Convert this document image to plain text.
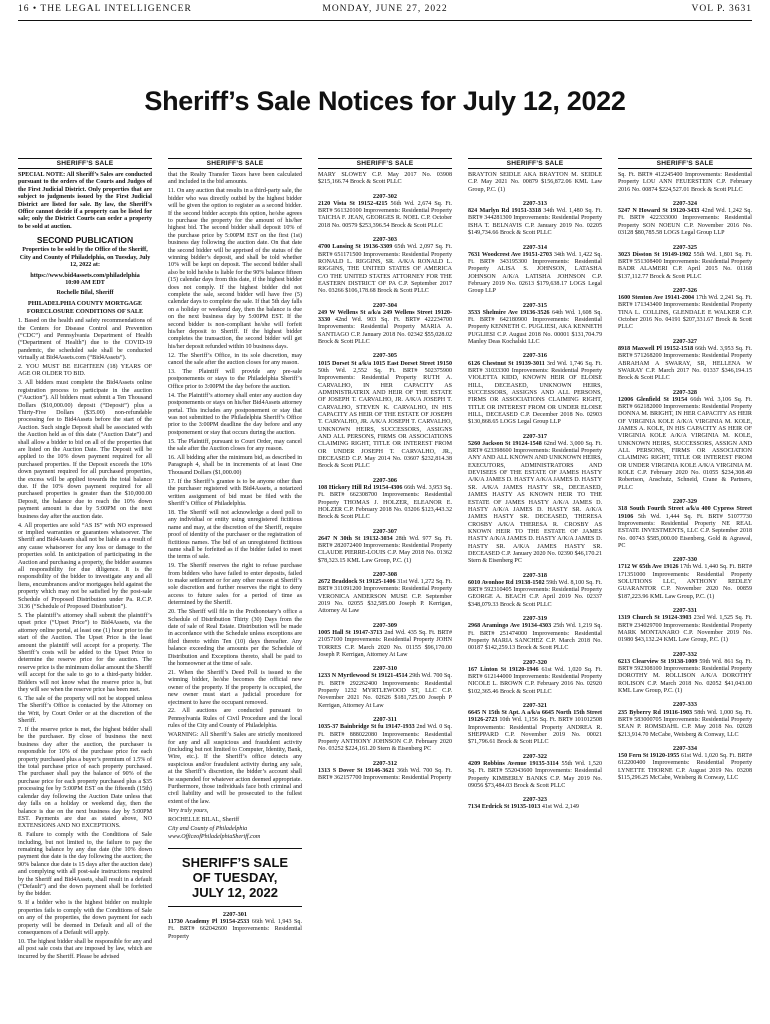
16 • THE LEGAL INTELLIGENCER	MONDAY, JUNE 27, 2022	VOL P. 3631
Sheriff’s Sale Notices for July 12, 2022
SHERIFF’S SALE

SPECIAL NOTE: All Sheriff’s Sales are conducted pursuant to the orders of the Courts and Judges of the First Judicial District. Only properties that are subject to judgments issued by the First Judicial District are listed for sale. By law, the Sheriff’s Office cannot decide if a property can be listed for sale; only the District Courts can order a property to be sold at auction.

SECOND PUBLICATION

Properties to be sold by the Office of the Sheriff, City and County of Philadelphia, on Tuesday, July 12, 2022 at:

https://www.bid4assets.com/philadelphia
10:00 AM EDT
Rochelle Bilal, Sheriff
PHILADELPHIA COUNTY MORTGAGE FORECLOSURE CONDITIONS OF SALE

1. Based on the health and safety recommendations of the Centers for Disease Control and Prevention (“CDC”) and Pennsylvania Department of Health (“Department of Health”) due to the COVID-19 pandemic, the scheduled sale shall be conducted virtually at Bid4Assets.com (“Bid4Assets”).

2. YOU MUST BE EIGHTEEN (18) YEARS OF AGE OR OLDER TO BID.

3. All bidders must complete the Bid4Assets online registration process to participate in the auction (“Auction”). All bidders must submit a Ten Thousand Dollars ($10,000.00) deposit (“Deposit”) plus a Thirty-Five Dollars ($35.00) non-refundable processing fee to Bid4Assets before the start of the Auction. Such single Deposit shall be associated with the Auction held as of this date (“Auction Date”) and shall allow a bidder to bid on all of the properties that are listed on the Auction Date. The Deposit will be applied to the 10% down payment required for all purchased properties. If the Deposit exceeds the 10% down payment required for all purchased properties, the excess will be applied towards the total balance due. If the 10% down payment required for all purchased properties is greater than the $10,000.00 Deposit, the balance due to reach the 10% down payment amount is due by 5:00PM on the next business day after the auction date.

4. All properties are sold “AS IS” with NO expressed or implied warranties or guarantees whatsoever. The Sheriff and Bid4Assets shall not be liable as a result of any cause whatsoever for any loss or damage to the properties sold. In anticipation of participating in the Auction and purchasing a property, the bidder assumes all responsibility for due diligence. It is the responsibility of the bidder to investigate any and all liens, encumbrances and/or mortgages held against the property which may not be satisfied by the post-sale Schedule of Proposed Distribution under Pa. R.C.P. 3136 (“Schedule of Proposed Distribution”).

5. The plaintiff’s attorney shall submit the plaintiff’s upset price (“Upset Price”) to Bid4Assets, via the attorney online portal, at least one (1) hour prior to the start of the Auction. The Upset Price is the least amount the plaintiff will accept for a property. The Sheriff’s costs will be added to the Upset Price to determine the reserve price for the auction. The reserve price is the minimum dollar amount the Sheriff will accept for the sale to go to a third-party bidder. Bidders will not know what the reserve price is, but they will see when the reserve price has been met.

6. The sale of the property will not be stopped unless The Sheriff’s Office is contacted by the Attorney on the Writ, by Court Order or at the discretion of the Sheriff.

7. If the reserve price is met, the highest bidder shall be the purchaser. By close of business the next business day after the auction, the purchaser is responsible for 10% of the purchase price for each property purchased plus a buyer’s premium of 1.5% of the total purchase price of each property purchased. The purchaser shall pay the balance of 90% of the purchase price for each property purchased plus a $35 processing fee by 5:00PM EST on the fifteenth (15th) calendar day following the Auction Date unless that day falls on a holiday or weekend day, then the balance is due on the next business day by 5:00PM EST. Payments are due as stated above, NO EXTENSIONS AND NO EXCEPTIONS.

8. Failure to comply with the Conditions of Sale including, but not limited to, the failure to pay the remaining balance by any due date (the 10% down payment due date is the day following the auction; the 90% balance due date is 15 days after the auction date) and complying with all post-sale instructions required by the Sheriff and Bid4Assets, shall result in a default (“Default”) and the down payment shall be forfeited by the bidder.

9. If a bidder who is the highest bidder on multiple properties fails to comply with the Conditions of Sale on any of the properties, the down payment for each property will be deemed in Default and all of the consequences of a Default will apply.

10. The highest bidder shall be responsible for any and all post sale costs that are imposed by law, which are incurred by the Sheriff. Please be advised

SHERIFF’S SALE

that the Realty Transfer Taxes have been calculated and included in the bid amounts.

11. On any auction that results in a third-party sale, the bidder who was directly outbid by the highest bidder will be given the option to register as a second bidder. If the second bidder accepts this option, he/she agrees to purchase the property for the amount of his/her highest bid. The second bidder shall deposit 10% of the purchase price by 5:00PM EST on the first (1st) business day following the auction date. On that date the second bidder will be apprised of the status of the winning bidder’s deposit, and shall be told whether 10% will be kept on deposit. The second bidder shall also be told he/she is liable for the 90% balance fifteen (15) calendar days from this date, if the highest bidder does not comply. If the highest bidder did not complete the sale, second bidder will have five (5) calendar days to complete the sale. If that 5th day falls on a holiday or weekend day, then the balance is due on the next business day by 5:00PM EST. If the second bidder is non-compliant he/she will forfeit his/her deposit to Sheriff. If the highest bidder completes the transaction, the second bidder will get his/her deposit refunded within 10 business days.

12. The Sheriff’s Office, in its sole discretion, may cancel the sale after the auction closes for any reason.

13. The Plaintiff will provide any pre-sale postponements or stays to the Philadelphia Sheriff’s Office prior to 3:00PM the day before the auction.

14. The Plaintiff’s attorney shall enter any auction day postponements or stays on his/her Bid4Assets attorney portal. This includes any postponement or stay that was not submitted to the Philadelphia Sheriff’s Office prior to the 3:00PM deadline the day before and any postponement or stay that occurs during the auction.

15. The Plaintiff, pursuant to Court Order, may cancel the sale after the Auction closes for any reason.

16. All bidding after the minimum bid, as described in Paragraph 4, shall be in increments of at least One Thousand Dollars ($1,000.00)

17. If the Sheriff’s grantee is to be anyone other than the purchaser registered with Bid4Assets, a notarized written assignment of bid must be filed with the Sheriff’s Office of Philadelphia.

18. The Sheriff will not acknowledge a deed poll to any individual or entity using unregistered fictitious name and may, at the discretion of the Sheriff, require proof of identity of the purchaser or the registration of fictitious names. The bid of an unregistered fictitious name shall be forfeited as if the bidder failed to meet the terms of sale.

19. The Sheriff reserves the right to refuse purchase from bidders who have failed to enter deposits, failed to make settlement or for any other reason at Sheriff’s sole discretion and further reserves the right to deny access to future sales for a period of time as determined by the Sheriff.

20. The Sheriff will file in the Prothonotary’s office a Schedule of Distribution Thirty (30) Days from the date of sale of Real Estate. Distribution will be made in accordance with the Schedule unless exceptions are filed thereto within Ten (10) days thereafter. Any balance exceeding the amounts per the Schedule of Distribution and Exceptions thereto, shall be paid to the homeowner at the time of sale.

21. When the Sheriff’s Deed Poll is issued to the winning bidder, he/she becomes the official new owner of the property. If the property is occupied, the new owner must start a judicial procedure for ejectment to have the occupant removed.

22. All auctions are conducted pursuant to Pennsylvania Rules of Civil Procedure and the local rules of the City and County of Philadelphia.

WARNING: All Sheriff’s Sales are strictly monitored for any and all suspicious and fraudulent activity (including but not limited to Computer, Identity, Bank, Wire, etc.). If the Sheriff’s office detects any suspicious and/or fraudulent activity during any sale, at the Sheriff’s discretion, the bidder’s account shall be suspended for whatever action deemed appropriate. Furthermore, those individuals face both criminal and civil liability and will be prosecuted to the fullest extent of the law.

Very truly yours,

ROCHELLE BILAL, Sheriff

City and County of Philadelphia

www.OfficeofPhiladelphiaSheriff.com

SHERIFF’S SALE
OF TUESDAY,
JULY 12, 2022
2207-301

11730 Academy Pl 19154-2533 66th Wd. 1,943 Sq. Ft. BRT# 662042600 Improvements: Residential Property

SHERIFF’S SALE

MARY SLOWEY C.P. May 2017 No. 03908 $215,166.74 Brock & Scott PLLC

2207-302

2120 Vista St 19152-4215 56th Wd. 2,674 Sq. Ft. BRT# 561320100 Improvements: Residential Property TAICHA F. JEAN, GEORGES R. NOEL C.P. October 2018 No. 00579 $253,396.54 Brock & Scott PLLC

2207-303

4700 Lansing St 19136-3309 65th Wd. 2,097 Sq. Ft. BRT# 651171500 Improvements: Residential Property RONALD L. RIGGINS, SR. A/K/A RONALD L. RIGGINS, THE UNITED STATES OF AMERICA C/O THE UNITED STATES ATTORNEY FOR THE EASTERN DISTRICT OF PA C.P. September 2017 No. 03266 $106,178.68 Brock & Scott PLLC

2207-304

249 W Wellens St a/k/a 249 Wellens Street 19120-3330 42nd Wd. 903 Sq. Ft. BRT# 422234700 Improvements: Residential Property MARIA A. SANTIAGO C.P. January 2018 No. 02342 $55,028.02 Brock & Scott PLLC

2207-305

1015 Dorset St a/k/a 1015 East Dorset Street 19150 50th Wd. 2,552 Sq. Ft. BRT# 502375900 Improvements: Residential Property RUTH A. CARVALHO, IN HER CAPACITY AS ADMINISTRATRIX AND HEIR OF THE ESTATE OF JOSEPH T. CARVALHO, JR. A/K/A JOSEPH T. CARVALHO, STEVEN K. CARVALHO, IN HIS CAPACITY AS HEIR OF THE ESTATE OF JOSEPH T. CARVALHO, JR. A/K/A JOSEPH T. CARVALHO, UNKNOWN HEIRS, SUCCESSORS, ASSIGNS AND ALL PERSONS, FIRMS OR ASSOCIATIONS CLAIMING RIGHT, TITLE OR INTEREST FROM OR UNDER JOSEPH T. CARVALHO, JR., DECEASED C.P. May 2014 No. 03607 $232,814.38 Brock & Scott PLLC

2207-306

108 Hickory Hill Rd 19154-4306 66th Wd. 3,953 Sq. Ft. BRT# 662308700 Improvements: Residential Property THOMAS J. HOLZER, ELEANOR E. HOLZER C.P. February 2018 No. 03206 $123,443.32 Brock & Scott PLLC

2207-307

2647 N 30th St 19132-3034 28th Wd. 977 Sq. Ft. BRT# 282072400 Improvements: Residential Property CLAUDE PIERRE-LOUIS C.P. May 2018 No. 01362 $78,323.15 KML Law Group, P.C. (1)

2207-308

2672 Braddock St 19125-1406 31st Wd. 1,272 Sq. Ft. BRT# 311091200 Improvements: Residential Property VERONICA ANDERSON MUSE C.P. September 2019 No. 02055 $32,585.00 Joseph P. Kerrigan, Attorney At Law

2207-309

1005 Hall St 19147-3713 2nd Wd. 435 Sq. Ft. BRT# 21057100 Improvements: Residential Property JOHN TORRES C.P. March 2020 No. 01155 $96,170.00 Joseph P. Kerrigan, Attorney At Law

2207-310

1233 N Myrtlewood St 19121-4514 29th Wd. 700 Sq. Ft. BRT# 292262400 Improvements: Residential Property 1232 MYRTLEWOOD ST, LLC C.P. November 2021 No. 02626 $181,725.00 Joseph P Kerrigan, Attorney At Law

2207-311

1035-37 Bainbridge St fu 19147-1933 2nd Wd. 0 Sq. Ft. BRT# 888022080 Improvements: Residential Property ANTHONY JOHNSON C.P. February 2020 No. 03252 $224,161.20 Stern & Eisenberg PC

2207-312

1313 S Dover St 19146-3621 36th Wd. 700 Sq. Ft. BRT# 362157700 Improvements: Residential Property

SHERIFF’S SALE

BRAYTON SEIDLE AKA BRAYTON M. SEIDLE C.P. May 2021 No. 00879 $156,872.06 KML Law Group, P.C. (1)

2207-313

824 Marlyn Rd 19151-3318 34th Wd. 1,480 Sq. Ft. BRT# 344281300 Improvements: Residential Property ISHA T. BELNAVIS C.P. January 2019 No. 02205 $149,734.66 Brock & Scott PLLC

2207-314

7631 Woodcrest Ave 19151-2703 34th Wd. 1,422 Sq. Ft. BRT# 343195300 Improvements: Residential Property ALISA S. JOHNSON, LATASHA JOHNSON A/K/A LATISHA JOHNSON C.P. February 2019 No. 02613 $179,638.17 LOGS Legal Group LLP

2207-315

3533 Shelmire Ave 19136-3526 64th Wd. 1,608 Sq. Ft. BRT# 642180900 Improvements: Residential Property KENNETH C. PUGLIESI, AKA KENNETH PUGLIESI C.P. August 2018 No. 00001 $131,704.79 Manley Deas Kochalski LLC

2207-316

6126 Chestnut St 19139-3011 3rd Wd. 1,746 Sq. Ft. BRT# 31033300 Improvements: Residential Property VIOLETTA KIDD, KNOWN HEIR OF ELOISE HILL, DECEASED, UNKNOWN HEIRS, SUCCESSORS, ASSIGNS AND ALL PERSONS, FIRMS OR ASSOCIATIONS CLAIMING RIGHT, TITLE OR INTEREST FROM OR UNDER ELOISE HILL, DECEASED C.P. December 2018 No. 02903 $130,868.65 LOGS Legal Group LLP

2207-317

5260 Jackson St 19124-1548 62nd Wd. 3,000 Sq. Ft. BRT# 623398600 Improvements: Residential Property ANY AND ALL KNOWN AND UNKNOWN HEIRS, EXECUTORS, ADMINISTRATORS AND DEVISEES OF THE ESTATE OF JAMES HASTY A/K/A JAMES D. HASTY A/K/A JAMES D. HASTY SR. A/K/A JAMES HASTY SR., DECEASED, JAMES HASTY AS KNOWN HEIR TO THE ESTATE OF JAMES HASTY A/K/A JAMES D. HASTY A/K/A JAMES D. HASTY SR. A/K/A JAMES HASTY SR. DECEASED, THERESA CROSBY A/K/A THERESA R. CROSBY AS KNOWN HEIR TO THE ESTATE OF JAMES HASTY A/K/A JAMES D. HASTY A/K/A JAMES D. HASTY SR. A/K/A JAMES HASTY SR. DECEASED C.P. January 2020 No. 02390 $46,170.21 Stern & Eisenberg PC

2207-318

6010 Avonhoe Rd 19138-1502 59th Wd. 8,100 Sq. Ft. BRT# 592310405 Improvements: Residential Property GEORGE A. BEACH C.P. April 2019 No. 02337 $348,079.33 Brock & Scott PLLC

2207-319

2968 Aramingo Ave 19134-4303 25th Wd. 1,219 Sq. Ft. BRT# 251474000 Improvements: Residential Property MARIA SANCHEZ C.P. March 2018 No. 00187 $142,259.13 Brock & Scott PLLC

2207-320

167 Linton St 19120-1946 61st Wd. 1,020 Sq. Ft. BRT# 612144000 Improvements: Residential Property NICOLE L. BROWN C.P. February 2016 No. 02920 $102,365.46 Brock & Scott PLLC

2207-321

6645 N 15th St Apt. A a/k/a 6645 North 15th Street 19126-2723 10th Wd. 1,156 Sq. Ft. BRT# 101012508 Improvements: Residential Property ANDREA R. SHEPPARD C.P. November 2019 No. 00021 $71,796.61 Brock & Scott PLLC

2207-322

4209 Robbins Avenue 19135-3114 55th Wd. 1,520 Sq. Ft. BRT# 552043600 Improvements: Residential Property KIMBERLY BANKS C.P. May 2019 No. 09056 $73,484.03 Brock & Scott PLLC

2207-323

7134 Erdrick St 19135-1013 41st Wd. 2,149

SHERIFF’S SALE

Sq. Ft. BRT# 412245400 Improvements: Residential Property LOU ANN FEUERSTEIN C.P. February 2016 No. 00874 $224,527.01 Brock & Scott PLLC

2207-324

5247 N Howard St 19120-3433 42nd Wd. 1,242 Sq. Ft. BRT# 422333000 Improvements: Residential Property SON NOEUN C.P. November 2016 No. 03128 $80,785.58 LOGS Legal Group LLP

2207-325

3023 Disston St 19149-1902 55th Wd. 1,801 Sq. Ft. BRT# 551308400 Improvements: Residential Property BADR ALAMERI C.P. April 2015 No. 01168 $137,112.77 Brock & Scott PLLC

2207-326

1600 Stenton Ave 19141-2004 17th Wd. 2,241 Sq. Ft. BRT# 171343400 Improvements: Residential Property TINA L. COLLINS, GLENDALE E WALKER C.P. October 2016 No. 04191 $207,331.67 Brock & Scott PLLC

2207-327

8918 Maxwell Pl 19152-1518 66th Wd. 3,953 Sq. Ft. BRT# 571268200 Improvements: Residential Property ABRAHAM A SWARAY, SR, HELLENA W SWARAY C.P. March 2017 No. 01337 $346,194.15 Brock & Scott PLLC

2207-328

12006 Glenfield St 19154 66th Wd. 3,106 Sq. Ft. BRT# 662182000 Improvements: Residential Property DONNA M. BRIGHT, IN HER CAPACITY AS HEIR OF VIRGINIA KOLE A/K/A VIRGINIA M. KOLE, JAMES A. KOLE, IN HIS CAPACITY AS HEIR OF VIRGINIA KOLE A/K/A VIRGINIA M. KOLE, UNKNOWN HEIRS, SUCCESSORS, ASSIGN AND ALL PERSONS, FIRMS OR ASSOCIATION CLAIMING RIGHT, TITLE OR INTEREST FROM OR UNDER VIRGINIA KOLE A/K/A VIRGINIA M. KOLE C.P. February 2020 No. 01055 $234,308.49 Robertson, Anschutz, Schneid, Crane & Partners, PLLC

2207-329

318 South Fourth Street a/k/a 400 Cypress Street 19106 5th Wd. 1,444 Sq. Ft. BRT# 51077730 Improvements: Residential Property NE REAL ESTATE INVESTMENTS, LLC C.P. September 2018 No. 00743 $585,000.00 Eisenberg, Gold & Agrawal, PC

2207-330

1712 W 65th Ave 19126 17th Wd. 1,440 Sq. Ft. BRT# 171351000 Improvements: Residential Property SOLUTIONS LLC, ANTHONY REDLEY GUARANTOR C.P. November 2020 No. 00859 $187,223.96 KML Law Group, P.C. (1)

2207-331

1319 Church St 19124-3903 23rd Wd. 1,525 Sq. Ft. BRT# 234029700 Improvements: Residential Property MARK MONTANARO C.P. November 2019 No. 01980 $43,132.24 KML Law Group, P.C. (1)

2207-332

6213 Clearview St 19138-1009 59th Wd. 861 Sq. Ft. BRT# 592308100 Improvements: Residential Property DOROTHY M. ROLLISON A/K/A DOROTHY ROLISON C.P. March 2018 No. 02052 $41,043.00 KML Law Group, P.C. (1)

2207-333

235 Byberry Rd 19116-1903 58th Wd. 1,000 Sq. Ft. BRT# 583000705 Improvements: Residential Property SEAN P. ROMSDAHL C.P. May 2018 No. 02028 $213,914.70 McCabe, Weisberg & Conway, LLC

2207-334

150 Fern St 19120-1955 61st Wd. 1,020 Sq. Ft. BRT# 612200400 Improvements: Residential Property LYNETTE THORNE C.P. August 2019 No. 03208 $115,296.25 McCabe, Weisberg & Conway, LLC
